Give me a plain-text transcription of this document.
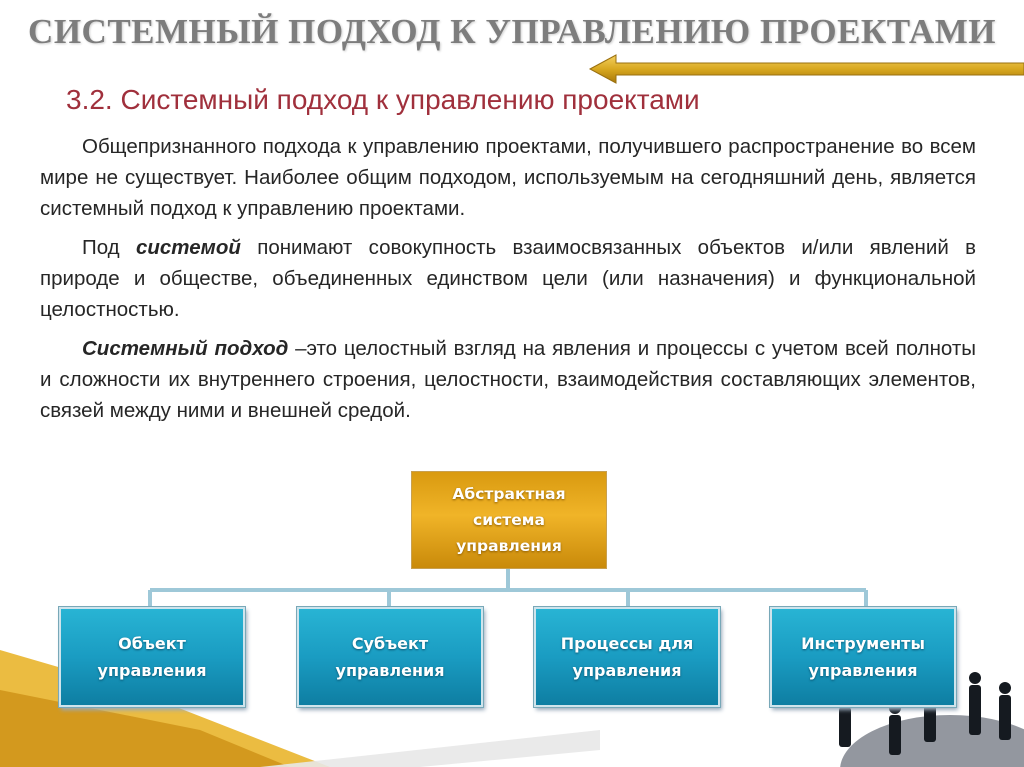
СИСТЕМНЫЙ ПОДХОД К УПРАВЛЕНИЮ ПРОЕКТАМИ
3.2. Системный подход к управлению проектами

Общепризнанного подхода к управлению проектами, получившего распространение во всем мире не существует. Наиболее общим подходом, используемым на сегодняшний день, является системный подход к управлению проектами.

Под системой понимают совокупность взаимосвязанных объектов и/или явлений в природе и обществе, объединенных единством цели (или назначения) и функциональной целостностью.

Системный подход –это целостный взгляд на явления и процессы с учетом всей полноты и сложности их внутреннего строения, целостности, взаимодействия составляющих элементов, связей между ними и внешней средой.

Абстрактная
система
управления
Объект
управления
Субъект
управления
Процессы для
управления
Инструменты
управления
